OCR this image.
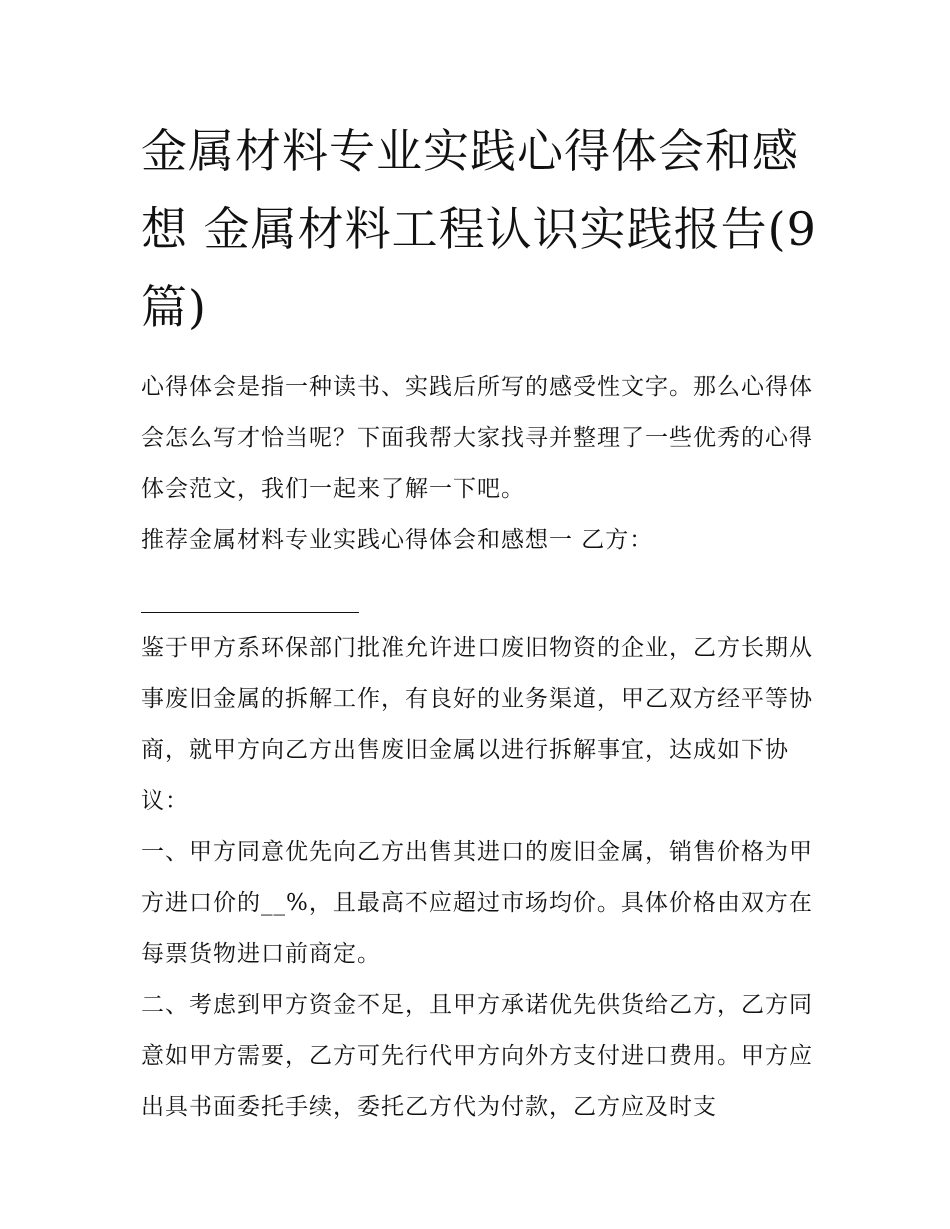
金属材料专业实践心得体会和感想 金属材料工程认识实践报告(9篇)

心得体会是指一种读书、实践后所写的感受性文字。那么心得体会怎么写才恰当呢？下面我帮大家找寻并整理了一些优秀的心得体会范文，我们一起来了解一下吧。

推荐金属材料专业实践心得体会和感想一 乙方：

鉴于甲方系环保部门批准允许进口废旧物资的企业，乙方长期从事废旧金属的拆解工作，有良好的业务渠道，甲乙双方经平等协商，就甲方向乙方出售废旧金属以进行拆解事宜，达成如下协议：

一、甲方同意优先向乙方出售其进口的废旧金属，销售价格为甲方进口价的__%，且最高不应超过市场均价。具体价格由双方在每票货物进口前商定。

二、考虑到甲方资金不足，且甲方承诺优先供货给乙方，乙方同意如甲方需要，乙方可先行代甲方向外方支付进口费用。甲方应出具书面委托手续，委托乙方代为付款，乙方应及时支
